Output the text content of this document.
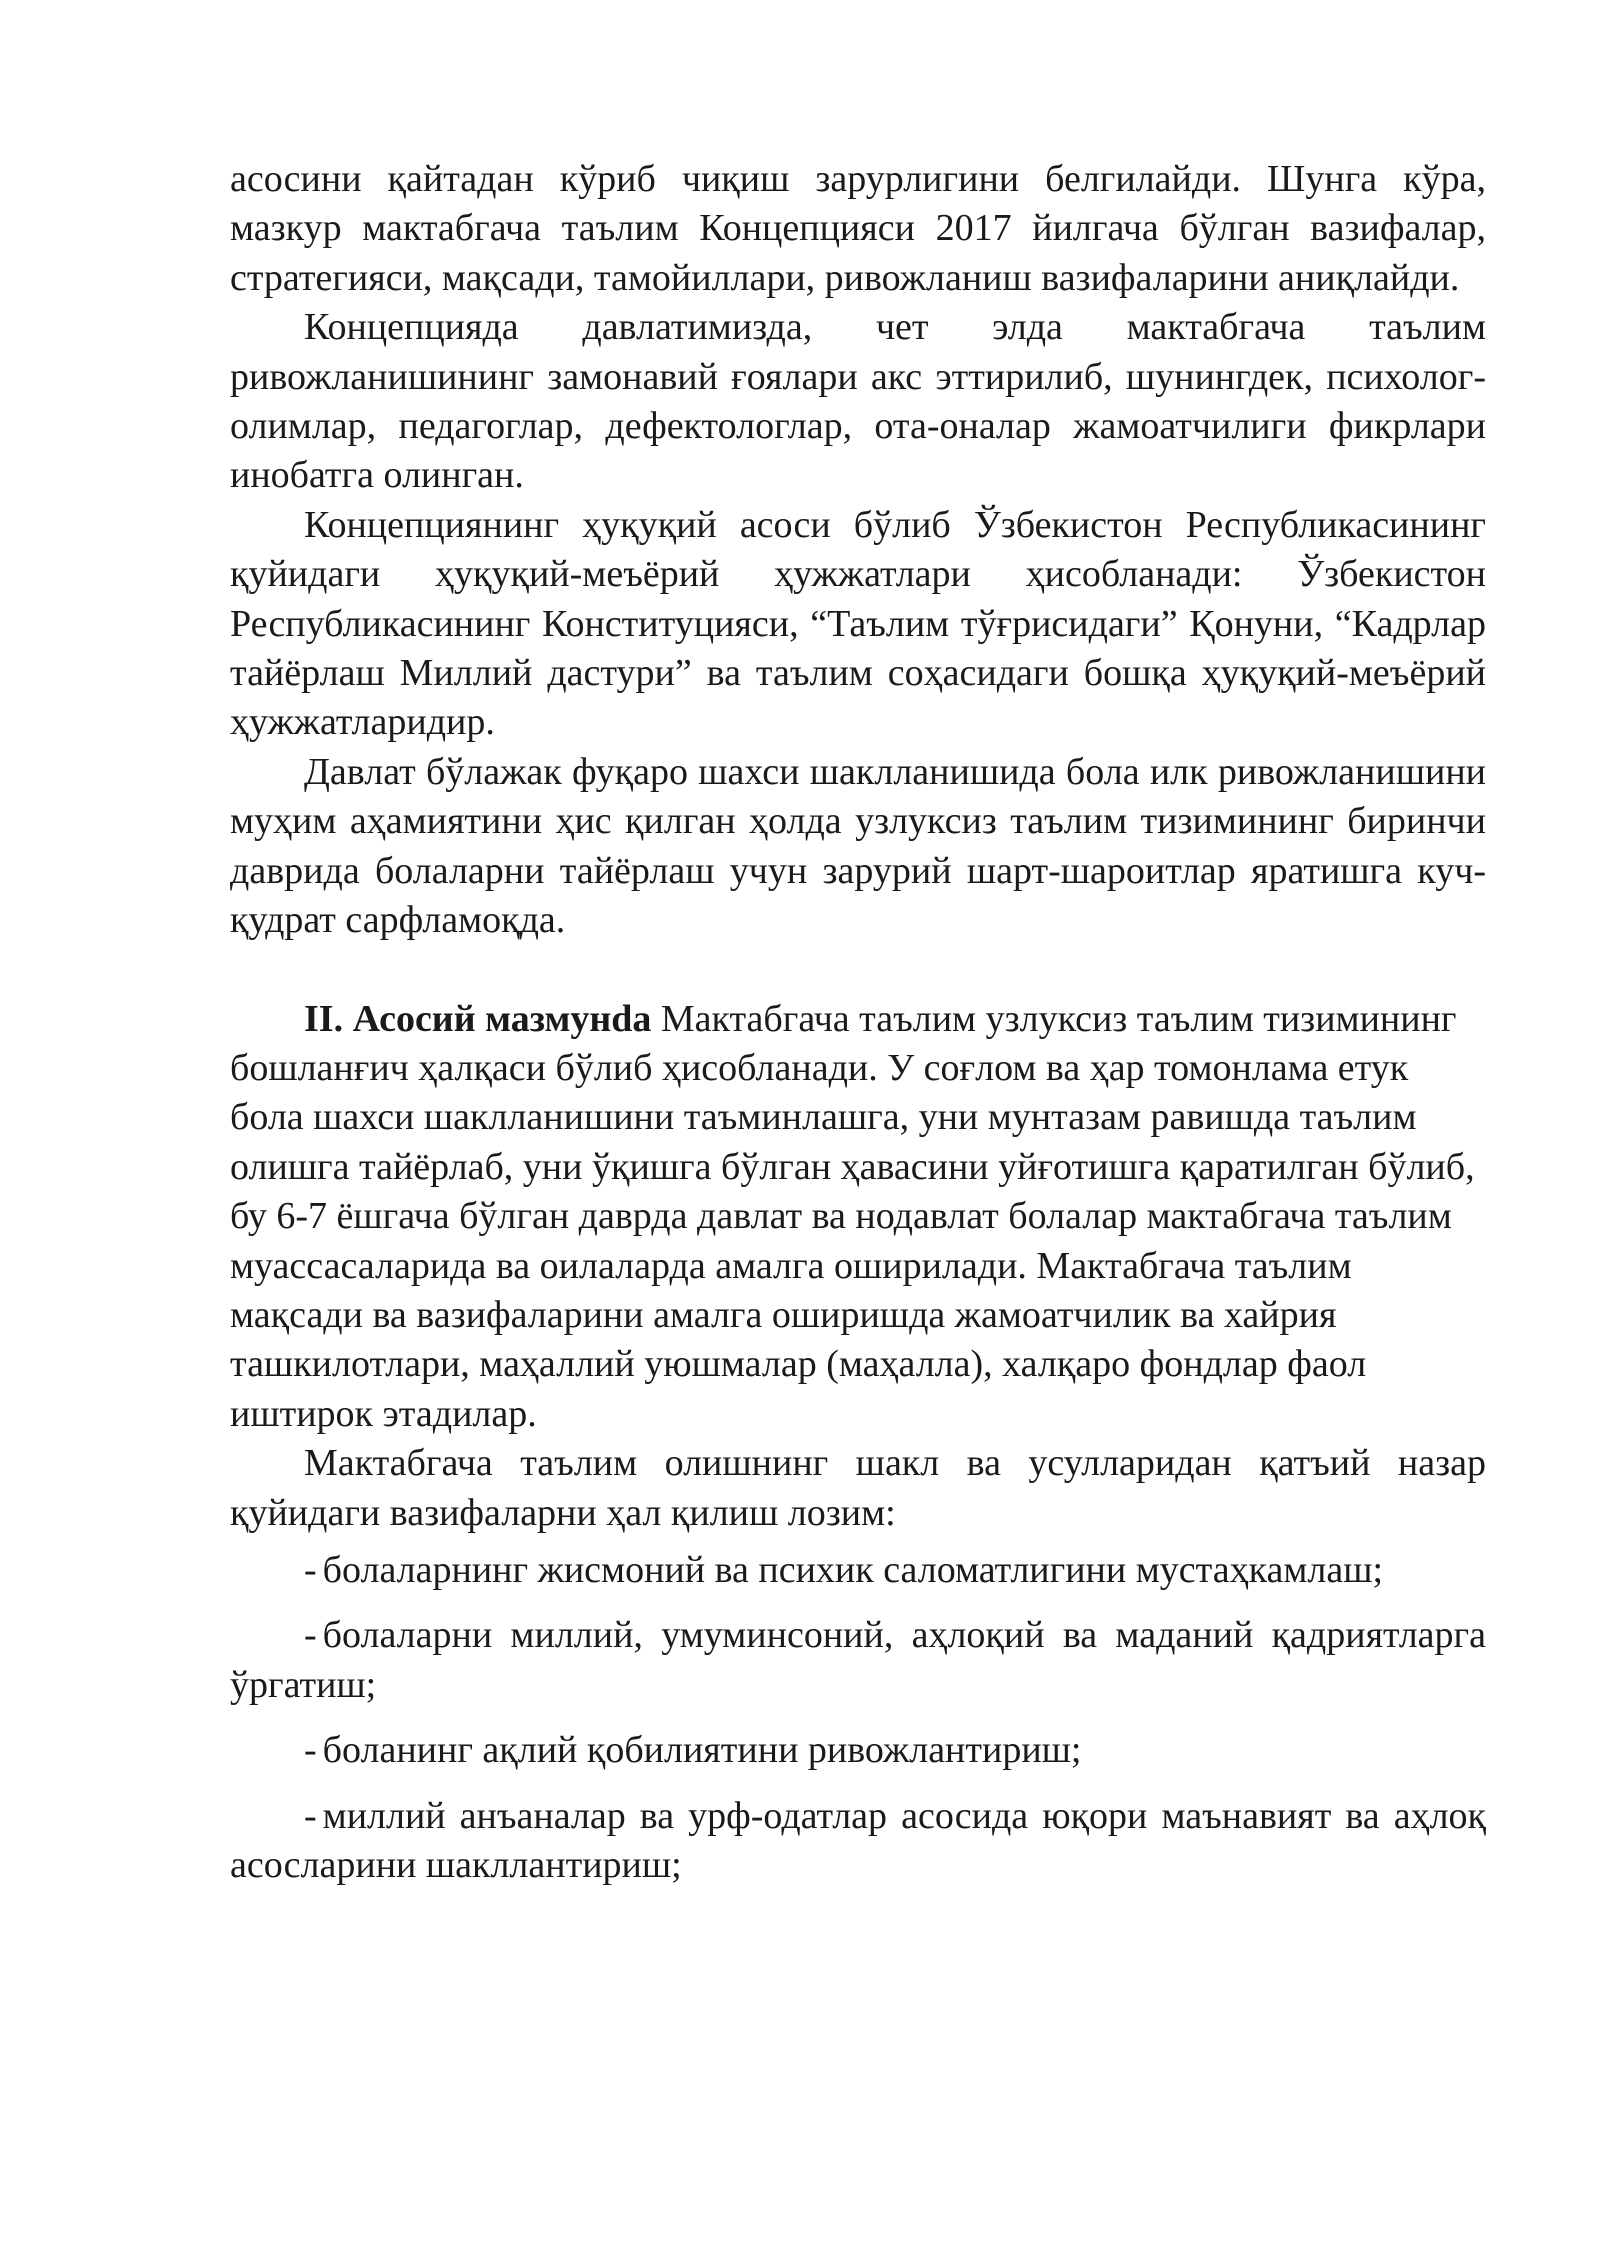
асосини қайтадан кўриб чиқиш зарурлигини белгилайди. Шунга кўра, мазкур мактабгача таълим Концепцияси 2017 йилгача бўлган вазифалар, стратегияси, мақсади, тамойиллари, ривожланиш вазифаларини аниқлайди.

Концепцияда давлатимизда, чет элда мактабгача таълим ривожланишининг замонавий ғоялари акс эттирилиб, шунингдек, психолог-олимлар, педагоглар, дефектологлар, ота-оналар жамоатчилиги фикрлари инобатга олинган.

Концепциянинг ҳуқуқий асоси бўлиб Ўзбекистон Республикасининг қуйидаги ҳуқуқий-меъёрий ҳужжатлари ҳисобланади: Ўзбекистон Республикасининг Конституцияси, “Таълим тўғрисидаги” Қонуни, “Кадрлар тайёрлаш Миллий дастури” ва таълим соҳасидаги бошқа ҳуқуқий-меъёрий ҳужжатларидир.

Давлат бўлажак фуқаро шахси шаклланишида бола илк ривожланишини муҳим аҳамиятини ҳис қилган ҳолда узлуксиз таълим тизимининг биринчи даврида болаларни тайёрлаш учун зарурий шарт-шароитлар яратишга куч-қудрат сарфламоқда.

II. Асосий мазмунda Мактабгача таълим узлуксиз таълим тизимининг бошланғич ҳалқаси бўлиб ҳисобланади. У соғлом ва ҳар томонлама етук бола шахси шаклланишини таъминлашга, уни мунтазам равишда таълим олишга тайёрлаб, уни ўқишга бўлган ҳавасини уйғотишга қаратилган бўлиб, бу 6-7 ёшгача бўлган даврда давлат ва нодавлат болалар мактабгача таълим муассасаларида ва оилаларда амалга оширилади. Мактабгача таълим мақсади ва вазифаларини амалга оширишда жамоатчилик ва хайрия ташкилотлари, маҳаллий уюшмалар (маҳалла), халқаро фондлар фаол иштирок этадилар.

Мактабгача таълим олишнинг шакл ва усулларидан қатъий назар қуйидаги вазифаларни ҳал қилиш лозим:

- болаларнинг жисмоний ва психик саломатлигини мустаҳкамлаш;

- болаларни миллий, умуминсоний, аҳлоқий ва маданий қадриятларга ўргатиш;

- боланинг ақлий қобилиятини ривожлантириш;

- миллий анъаналар ва урф-одатлар асосида юқори маънавият ва аҳлоқ асосларини шакллантириш;
